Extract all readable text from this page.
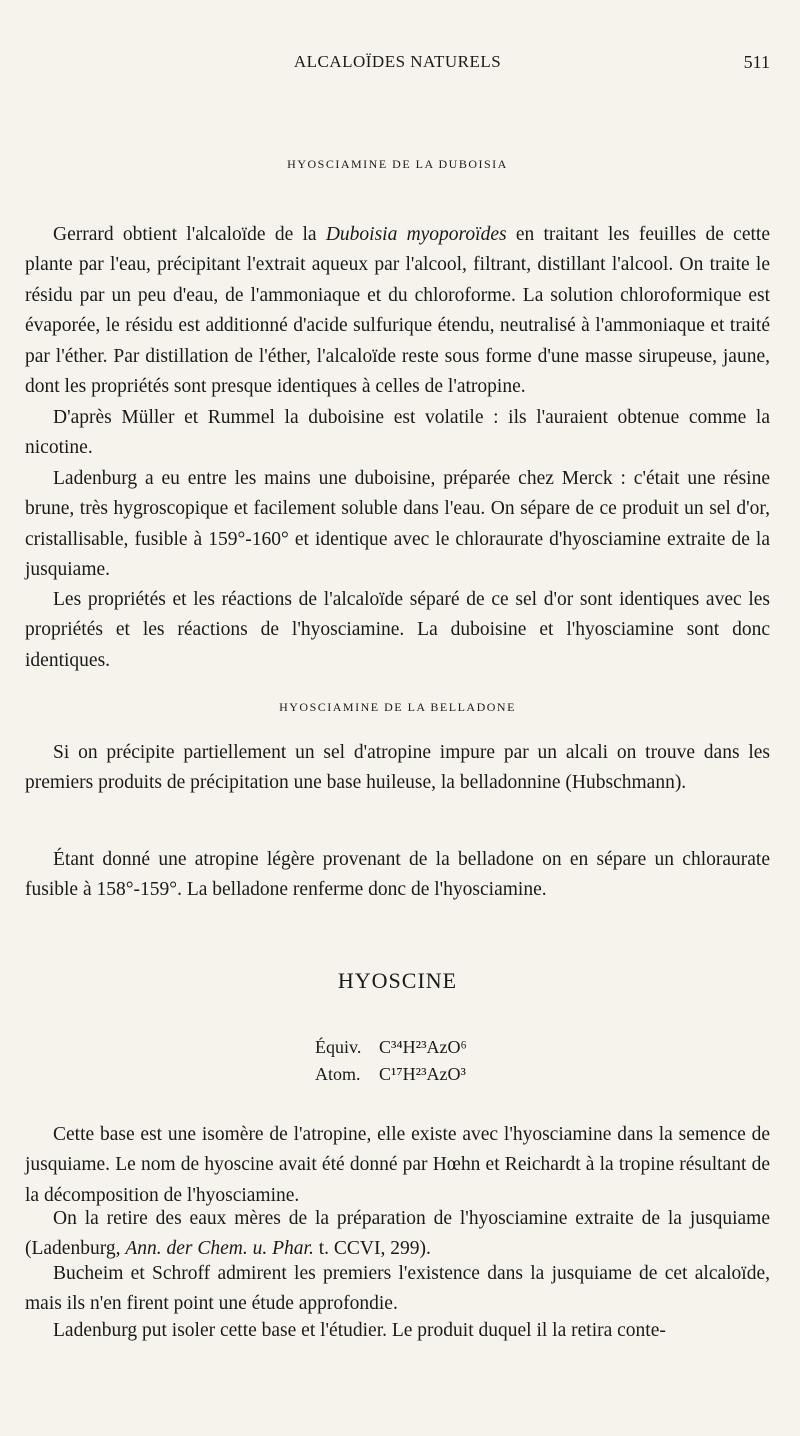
ALCALOÏDES NATURELS	511
HYOSCIAMINE DE LA DUBOISIA

Gerrard obtient l'alcaloïde de la Duboisia myoporoïdes en traitant les feuilles de cette plante par l'eau, précipitant l'extrait aqueux par l'alcool, filtrant, distillant l'alcool. On traite le résidu par un peu d'eau, de l'ammoniaque et du chloroforme. La solution chloroformique est évaporée, le résidu est additionné d'acide sulfurique étendu, neutralisé à l'ammoniaque et traité par l'éther. Par distillation de l'éther, l'alcaloïde reste sous forme d'une masse sirupeuse, jaune, dont les propriétés sont presque identiques à celles de l'atropine.

D'après Müller et Rummel la duboisine est volatile : ils l'auraient obtenue comme la nicotine.

Ladenburg a eu entre les mains une duboisine, préparée chez Merck : c'était une résine brune, très hygroscopique et facilement soluble dans l'eau. On sépare de ce produit un sel d'or, cristallisable, fusible à 159°-160° et identique avec le chloraurate d'hyosciamine extraite de la jusquiame.

Les propriétés et les réactions de l'alcaloïde séparé de ce sel d'or sont identiques avec les propriétés et les réactions de l'hyosciamine. La duboisine et l'hyosciamine sont donc identiques.

HYOSCIAMINE DE LA BELLADONE

Si on précipite partiellement un sel d'atropine impure par un alcali on trouve dans les premiers produits de précipitation une base huileuse, la belladonnine (Hubschmann).

Étant donné une atropine légère provenant de la belladone on en sépare un chloraurate fusible à 158°-159°. La belladone renferme donc de l'hyosciamine.

HYOSCINE
Équiv. C³⁴H²³AzO⁶
Atom. C¹⁷H²³AzO³

Cette base est une isomère de l'atropine, elle existe avec l'hyosciamine dans la semence de jusquiame. Le nom de hyoscine avait été donné par Hœhn et Reichardt à la tropine résultant de la décomposition de l'hyosciamine.

On la retire des eaux mères de la préparation de l'hyosciamine extraite de la jusquiame (Ladenburg, Ann. der Chem. u. Phar. t. CCVI, 299).

Bucheim et Schroff admirent les premiers l'existence dans la jusquiame de cet alcaloïde, mais ils n'en firent point une étude approfondie.

Ladenburg put isoler cette base et l'étudier. Le produit duquel il la retira conte-
